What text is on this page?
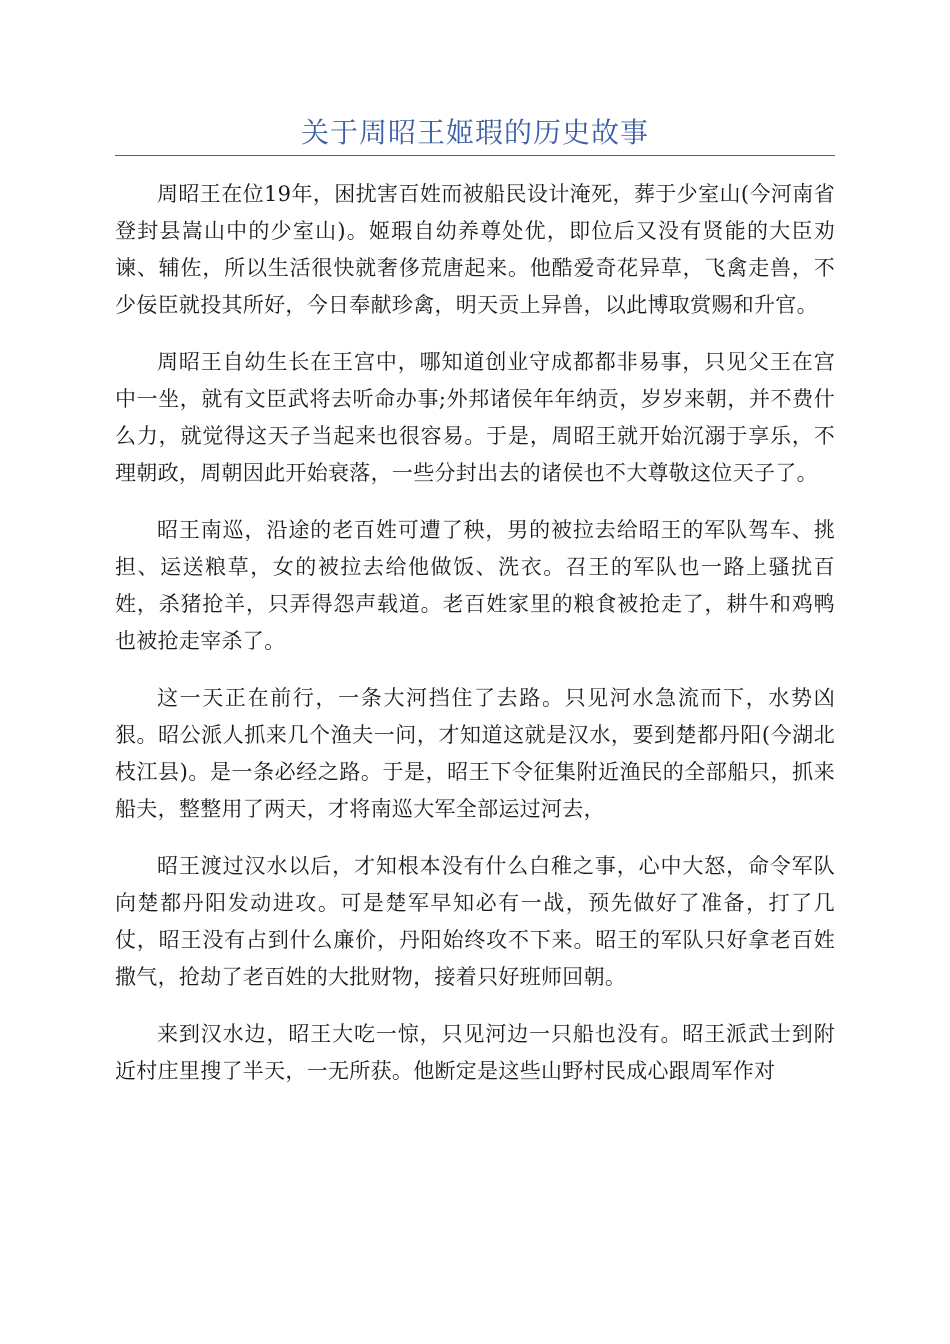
关于周昭王姬瑕的历史故事

周昭王在位19年，困扰害百姓而被船民设计淹死，葬于少室山(今河南省登封县嵩山中的少室山)。姬瑕自幼养尊处优，即位后又没有贤能的大臣劝谏、辅佐，所以生活很快就奢侈荒唐起来。他酷爱奇花异草，飞禽走兽，不少佞臣就投其所好，今日奉献珍禽，明天贡上异兽，以此博取赏赐和升官。

周昭王自幼生长在王宫中，哪知道创业守成都都非易事，只见父王在宫中一坐，就有文臣武将去听命办事;外邦诸侯年年纳贡，岁岁来朝，并不费什么力，就觉得这天子当起来也很容易。于是，周昭王就开始沉溺于享乐，不理朝政，周朝因此开始衰落，一些分封出去的诸侯也不大尊敬这位天子了。

昭王南巡，沿途的老百姓可遭了秧，男的被拉去给昭王的军队驾车、挑担、运送粮草，女的被拉去给他做饭、洗衣。召王的军队也一路上骚扰百姓，杀猪抢羊，只弄得怨声载道。老百姓家里的粮食被抢走了，耕牛和鸡鸭也被抢走宰杀了。

这一天正在前行，一条大河挡住了去路。只见河水急流而下，水势凶狠。昭公派人抓来几个渔夫一问，才知道这就是汉水，要到楚都丹阳(今湖北枝江县)。是一条必经之路。于是，昭王下令征集附近渔民的全部船只，抓来船夫，整整用了两天，才将南巡大军全部运过河去，

昭王渡过汉水以后，才知根本没有什么白稚之事，心中大怒，命令军队向楚都丹阳发动进攻。可是楚军早知必有一战，预先做好了准备，打了几仗，昭王没有占到什么廉价，丹阳始终攻不下来。昭王的军队只好拿老百姓撒气，抢劫了老百姓的大批财物，接着只好班师回朝。

来到汉水边，昭王大吃一惊，只见河边一只船也没有。昭王派武士到附近村庄里搜了半天，一无所获。他断定是这些山野村民成心跟周军作对
